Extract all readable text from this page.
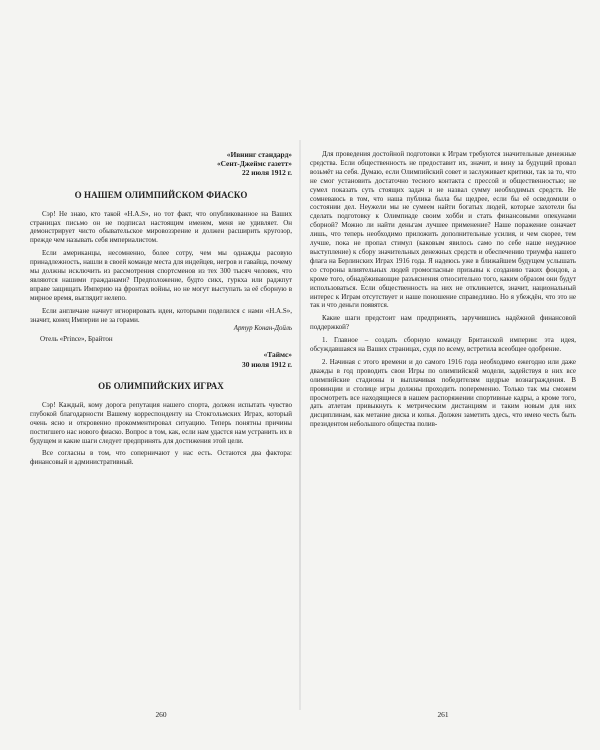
«Ивнинг стандард»

«Сент-Джеймс газетт»

22 июля 1912 г.

О НАШЕМ ОЛИМПИЙСКОМ ФИАСКО

Сэр! Не знаю, кто такой «H.A.S», но тот факт, что опубликованное на Ваших страницах письмо он не подписал настоящим именем, меня не удивляет. Он демонстрирует чисто обывательское мировоззрение и должен расширить кругозор, прежде чем называть себя империалистом.

Если американцы, несомненно, более сотру, чем мы однажды расовую принадлежность, нашли в своей команде места для индейцев, негров и гавайца, почему мы должны исключить из рассмотрения спортсменов из тех 300 тысяч человек, что являются нашими гражданами? Предположение, будто сикх, гуркха или раджпут вправе защищать Империю на фронтах войны, но не могут выступать за её сборную в мирное время, выглядит нелепо.

Если англичане начнут игнорировать идеи, которыми поделился с нами «H.A.S», значит, конец Империи не за горами.

Артур Конан-Дойль

Отель «Prince», Брайтон

«Таймс»

30 июля 1912 г.

ОБ ОЛИМПИЙСКИХ ИГРАХ

Сэр! Каждый, кому дорога репутация нашего спорта, должен испытать чувство глубокой благодарности Вашему корреспонденту на Стокгольмских Играх, который очень ясно и откровенно прокомментировал ситуацию. Теперь понятны причины постигшего нас нового фиаско. Вопрос в том, как, если нам удастся нам устранить их в будущем и какие шаги следует предпринять для достижения этой цели.

Все согласны в том, что соперничают у нас есть. Остаются два фактора: финансовый и административный.

260

Для проведения достойной подготовки к Играм требуются значительные денежные средства. Если общественность не предоставит их, значит, и вину за будущий провал возьмёт на себя. Думаю, если Олимпийский совет и заслуживает критики, так за то, что не смог установить достаточно тесного контакта с прессой и общественностью; не сумел показать суть стоящих задач и не назвал сумму необходимых средств. Не сомневаюсь в том, что наша публика была бы щедрее, если бы её осведомили о состоянии дел. Неужели мы не сумеем найти богатых людей, которые захотели бы сделать подготовку к Олимпиаде своим хобби и стать финансовыми опекунами сборной? Можно ли найти деньгам лучшее применение? Наше поражение означает лишь, что теперь необходимо приложить дополнительные усилия, и чем скорее, тем лучше, пока не пропал стимул (каковым явилось само по себе наше неудачное выступление) к сбору значительных денежных средств и обеспечению триумфа нашего флага на Берлинских Играх 1916 года. Я надеюсь уже в ближайшем будущем услышать со стороны влиятельных людей громогласные призывы к созданию таких фондов, а кроме того, обнадёживающие разъяснения относительно того, каким образом они будут использоваться. Если общественность на них не откликнется, значит, национальный интерес к Играм отсутствует и наше поношение справедливо. Но я убеждён, что это не так и что деньги появятся.

Какие шаги предстоит нам предпринять, заручившись надёжной финансовой поддержкой?

1. Главное – создать сборную команду Британской империи: эта идея, обсуждавшаяся на Ваших страницах, судя по всему, встретила всеобщее одобрение.

2. Начиная с этого времени и до самого 1916 года необходимо ежегодно или даже дважды в год проводить свои Игры по олимпийской модели, задействуя в них все олимпийские стадионы и выплачивая победителям щедрые вознаграждения. В провинции и столице игры должны проходить попеременно. Только так мы сможем просмотреть все находящиеся в нашем распоряжении спортивные кадры, а кроме того, дать атлетам привыкнуть к метрическим дистанциям и таким новым для них дисциплинам, как метание диска и копья. Должен заметить здесь, что имею честь быть президентом небольшого общества полив-

261
